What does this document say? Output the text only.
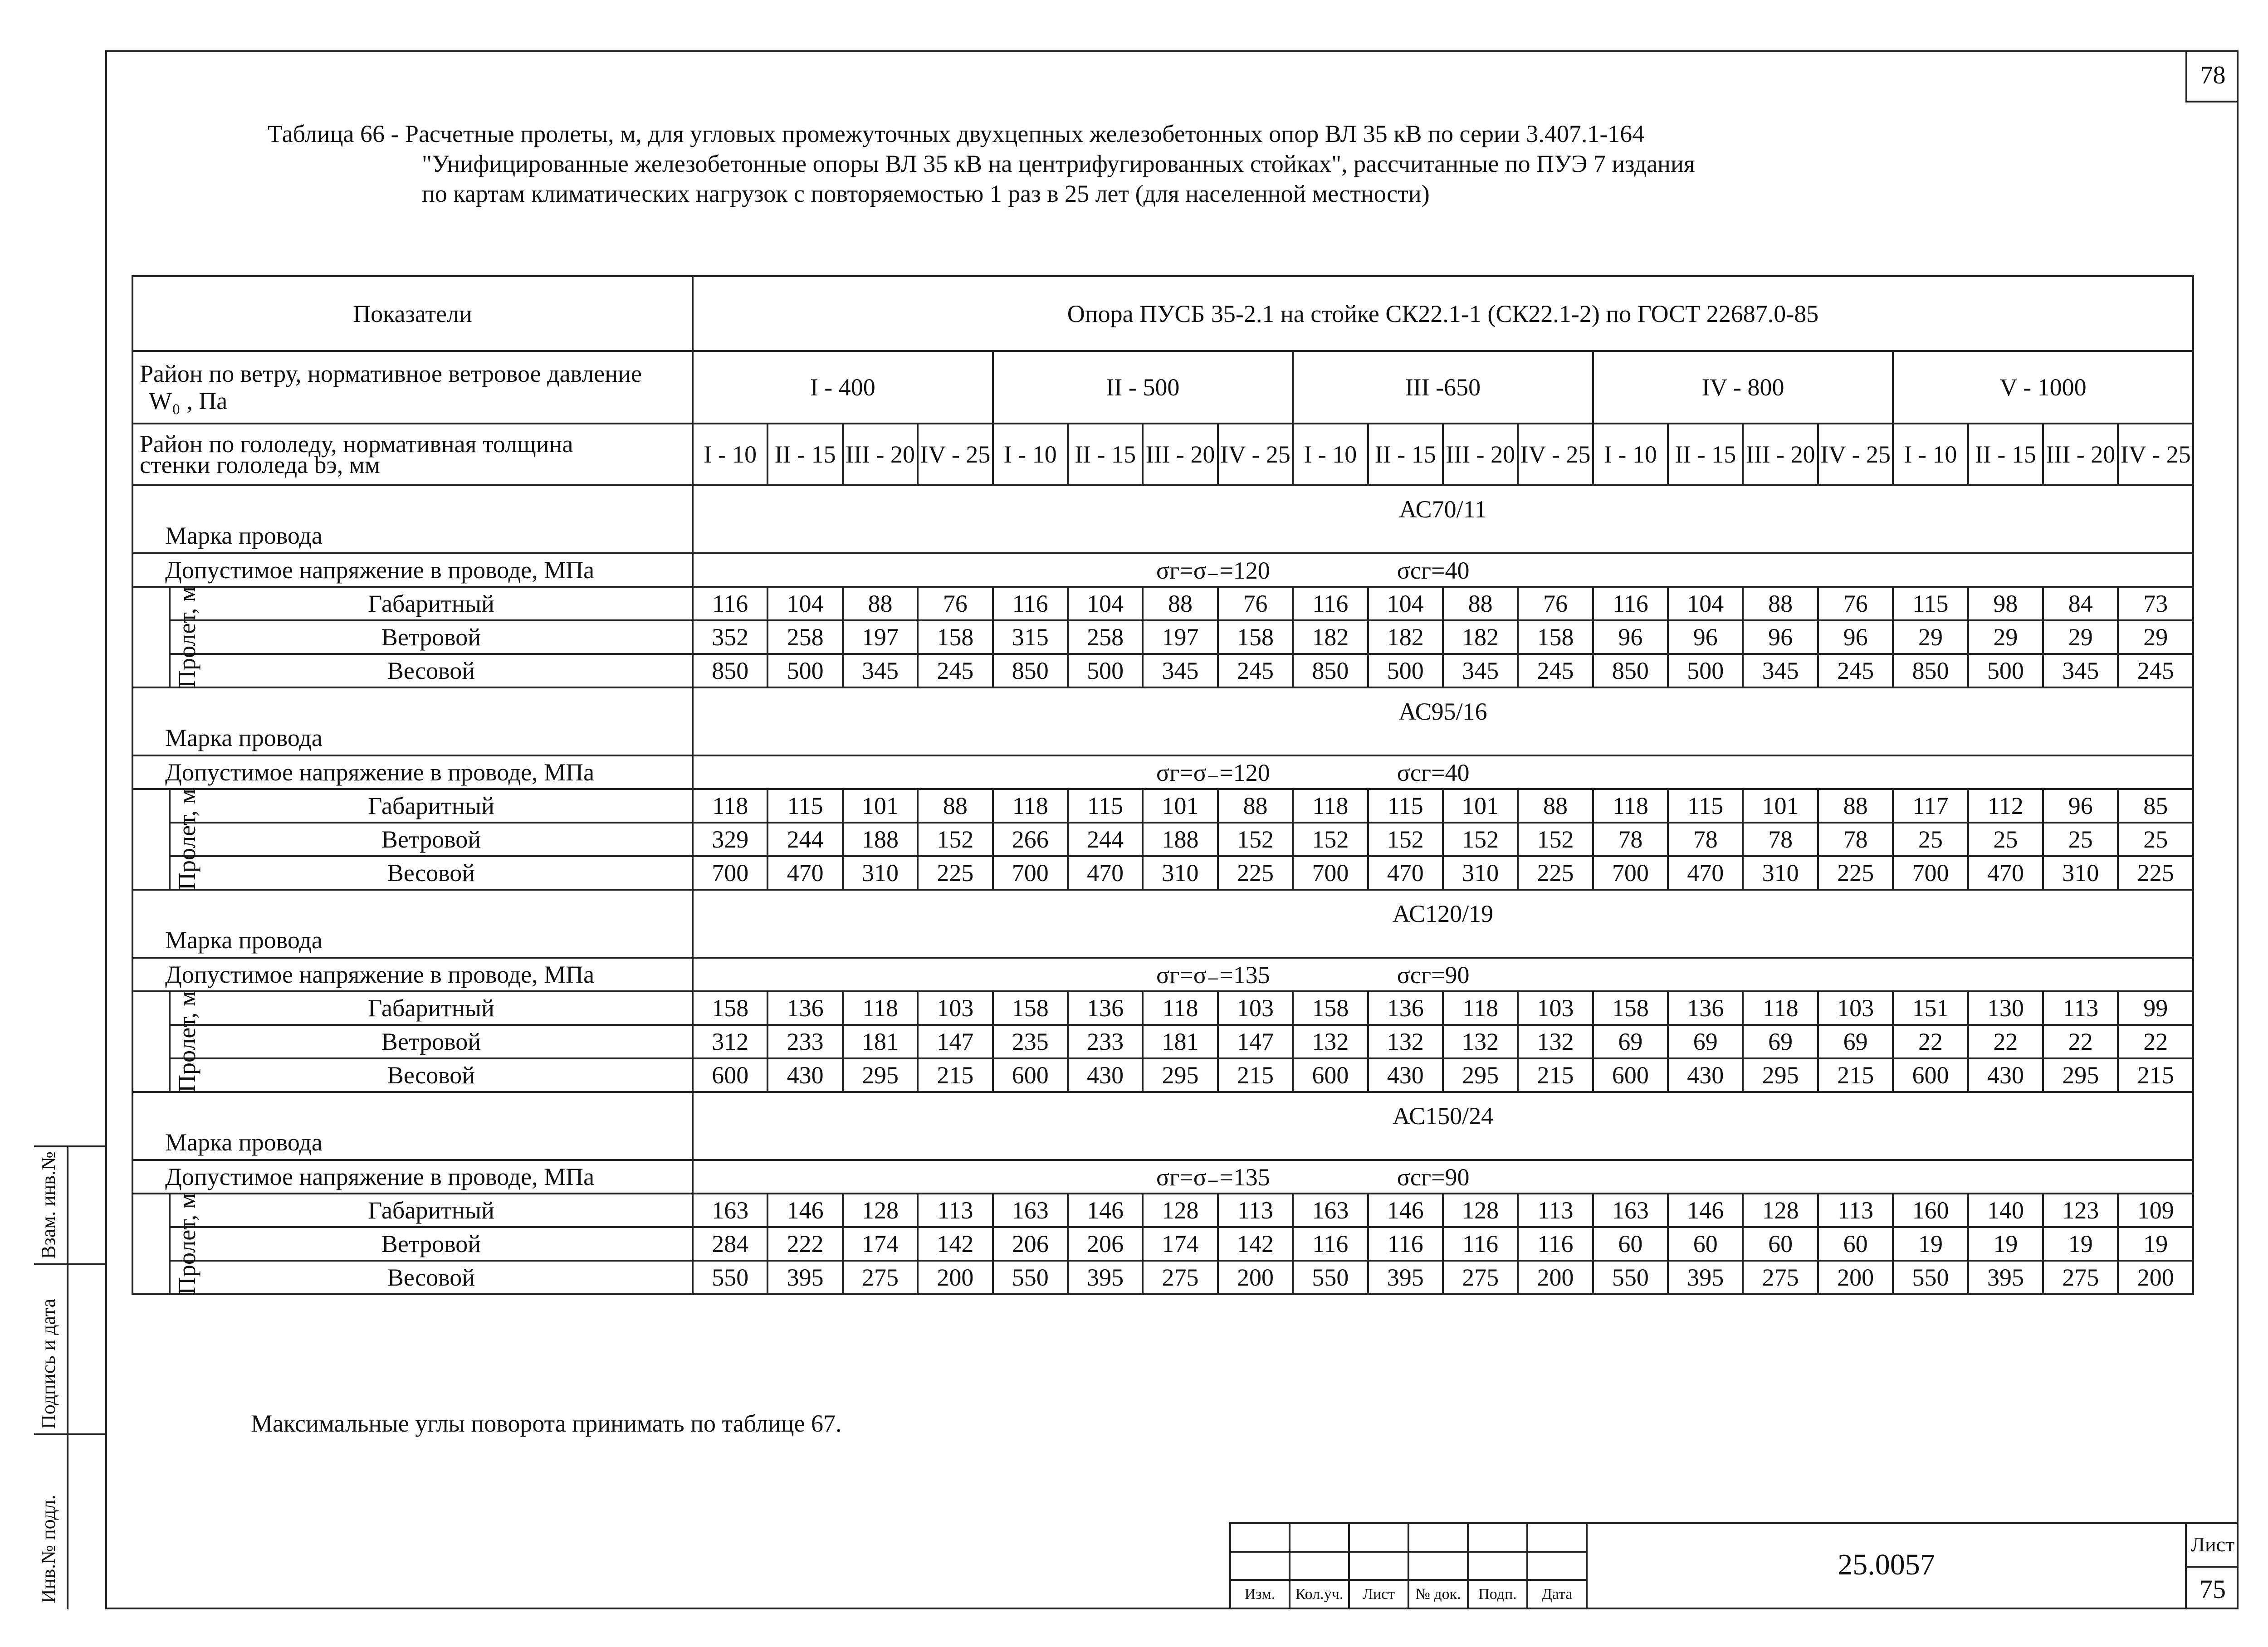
78
Таблица 66 - Расчетные пролеты, м, для угловых промежуточных двухцепных железобетонных опор ВЛ 35 кВ по серии 3.407.1-164
"Унифицированные железобетонные опоры ВЛ 35 кВ на центрифугированных стойках", рассчитанные по ПУЭ 7 издания
по картам климатических нагрузок с повторяемостью 1 раз в 25 лет (для населенной местности)
Показатели		Опора ПУСБ 35-2.1 на стойке СК22.1-1 (СК22.1-2) по ГОСТ 22687.0-85																			

Район по ветру, нормативное ветровое давление
W₀ , Па		I - 400				II - 500				III -650				IV - 800				V - 1000			

Район по гололеду, нормативная толщина
стенки гололеда bэ, мм		I - 10	II - 15	III - 20	IV - 25	I - 10	II - 15	III - 20	IV - 25	I - 10	II - 15	III - 20	IV - 25	I - 10	II - 15	III - 20	IV - 25	I - 10	II - 15	III - 20	IV - 25
Марка провода		АС70/11																			
Допустимое напряжение в проводе, МПа		σг=σ₋=120 σсг=40																			
Пролет, м	Габаритный	116	104	88	76	116	104	88	76	116	104	88	76	116	104	88	76	115	98	84	73
	Ветровой	352	258	197	158	315	258	197	158	182	182	182	158	96	96	96	96	29	29	29	29
	Весовой	850	500	345	245	850	500	345	245	850	500	345	245	850	500	345	245	850	500	345	245
Марка провода		АС95/16																			
Допустимое напряжение в проводе, МПа		σг=σ₋=120 σсг=40																			
Пролет, м	Габаритный	118	115	101	88	118	115	101	88	118	115	101	88	118	115	101	88	117	112	96	85
	Ветровой	329	244	188	152	266	244	188	152	152	152	152	152	78	78	78	78	25	25	25	25
	Весовой	700	470	310	225	700	470	310	225	700	470	310	225	700	470	310	225	700	470	310	225
Марка провода		АС120/19																			
Допустимое напряжение в проводе, МПа		σг=σ₋=135 σсг=90																			
Пролет, м	Габаритный	158	136	118	103	158	136	118	103	158	136	118	103	158	136	118	103	151	130	113	99
	Ветровой	312	233	181	147	235	233	181	147	132	132	132	132	69	69	69	69	22	22	22	22
	Весовой	600	430	295	215	600	430	295	215	600	430	295	215	600	430	295	215	600	430	295	215
Марка провода		АС150/24																			
Допустимое напряжение в проводе, МПа		σг=σ₋=135 σсг=90																			
Пролет, м	Габаритный	163	146	128	113	163	146	128	113	163	146	128	113	163	146	128	113	160	140	123	109
	Ветровой	284	222	174	142	206	206	174	142	116	116	116	116	60	60	60	60	19	19	19	19
	Весовой	550	395	275	200	550	395	275	200	550	395	275	200	550	395	275	200	550	395	275	200
Максимальные углы поворота принимать по таблице 67.
Инв.№ подл.
Подпись и дата
Взам. инв.№

Изм.	Кол.уч.	Лист	№ док.	Подп.	Дата
25.0057
Лист
75
